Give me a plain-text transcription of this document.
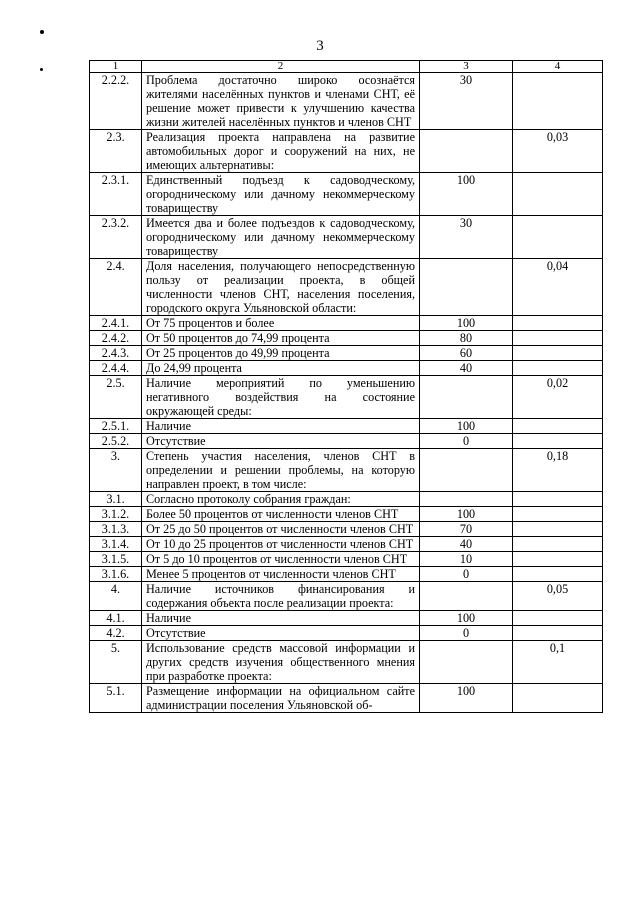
3
1	2	3	4
2.2.2.	Проблема достаточно широко осознаётся жителями населённых пунктов и членами СНТ, её решение может привести к улучшению качества жизни жителей населённых пунктов и членов СНТ	30	
2.3.	Реализация проекта направлена на развитие автомобильных дорог и сооружений на них, не имеющих альтернативы:		0,03
2.3.1.	Единственный подъезд к садоводческому, огородническому или дачному некоммерческому товариществу	100	
2.3.2.	Имеется два и более подъездов к садоводческому, огородническому или дачному некоммерческому товариществу	30	
2.4.	Доля населения, получающего непосредственную пользу от реализации проекта, в общей численности членов СНТ, населения поселения, городского округа Ульяновской области:		0,04
2.4.1.	От 75 процентов и более	100	
2.4.2.	От 50 процентов до 74,99 процента	80	
2.4.3.	От 25 процентов до 49,99 процента	60	
2.4.4.	До 24,99 процента	40	
2.5.	Наличие мероприятий по уменьшению негативного воздействия на состояние окружающей среды:		0,02
2.5.1.	Наличие	100	
2.5.2.	Отсутствие	0	
3.	Степень участия населения, членов СНТ в определении и решении проблемы, на которую направлен проект, в том числе:		0,18
3.1.	Согласно протоколу собрания граждан:		
3.1.2.	Более 50 процентов от численности членов СНТ	100	
3.1.3.	От 25 до 50 процентов от численности членов СНТ	70	
3.1.4.	От 10 до 25 процентов от численности членов СНТ	40	
3.1.5.	От 5 до 10 процентов от численности членов СНТ	10	
3.1.6.	Менее 5 процентов от численности членов СНТ	0	
4.	Наличие источников финансирования и содержания объекта после реализации проекта:		0,05
4.1.	Наличие	100	
4.2.	Отсутствие	0	
5.	Использование средств массовой информации и других средств изучения общественного мнения при разработке проекта:		0,1
5.1.	Размещение информации на официальном сайте администрации поселения Ульяновской об-	100	
